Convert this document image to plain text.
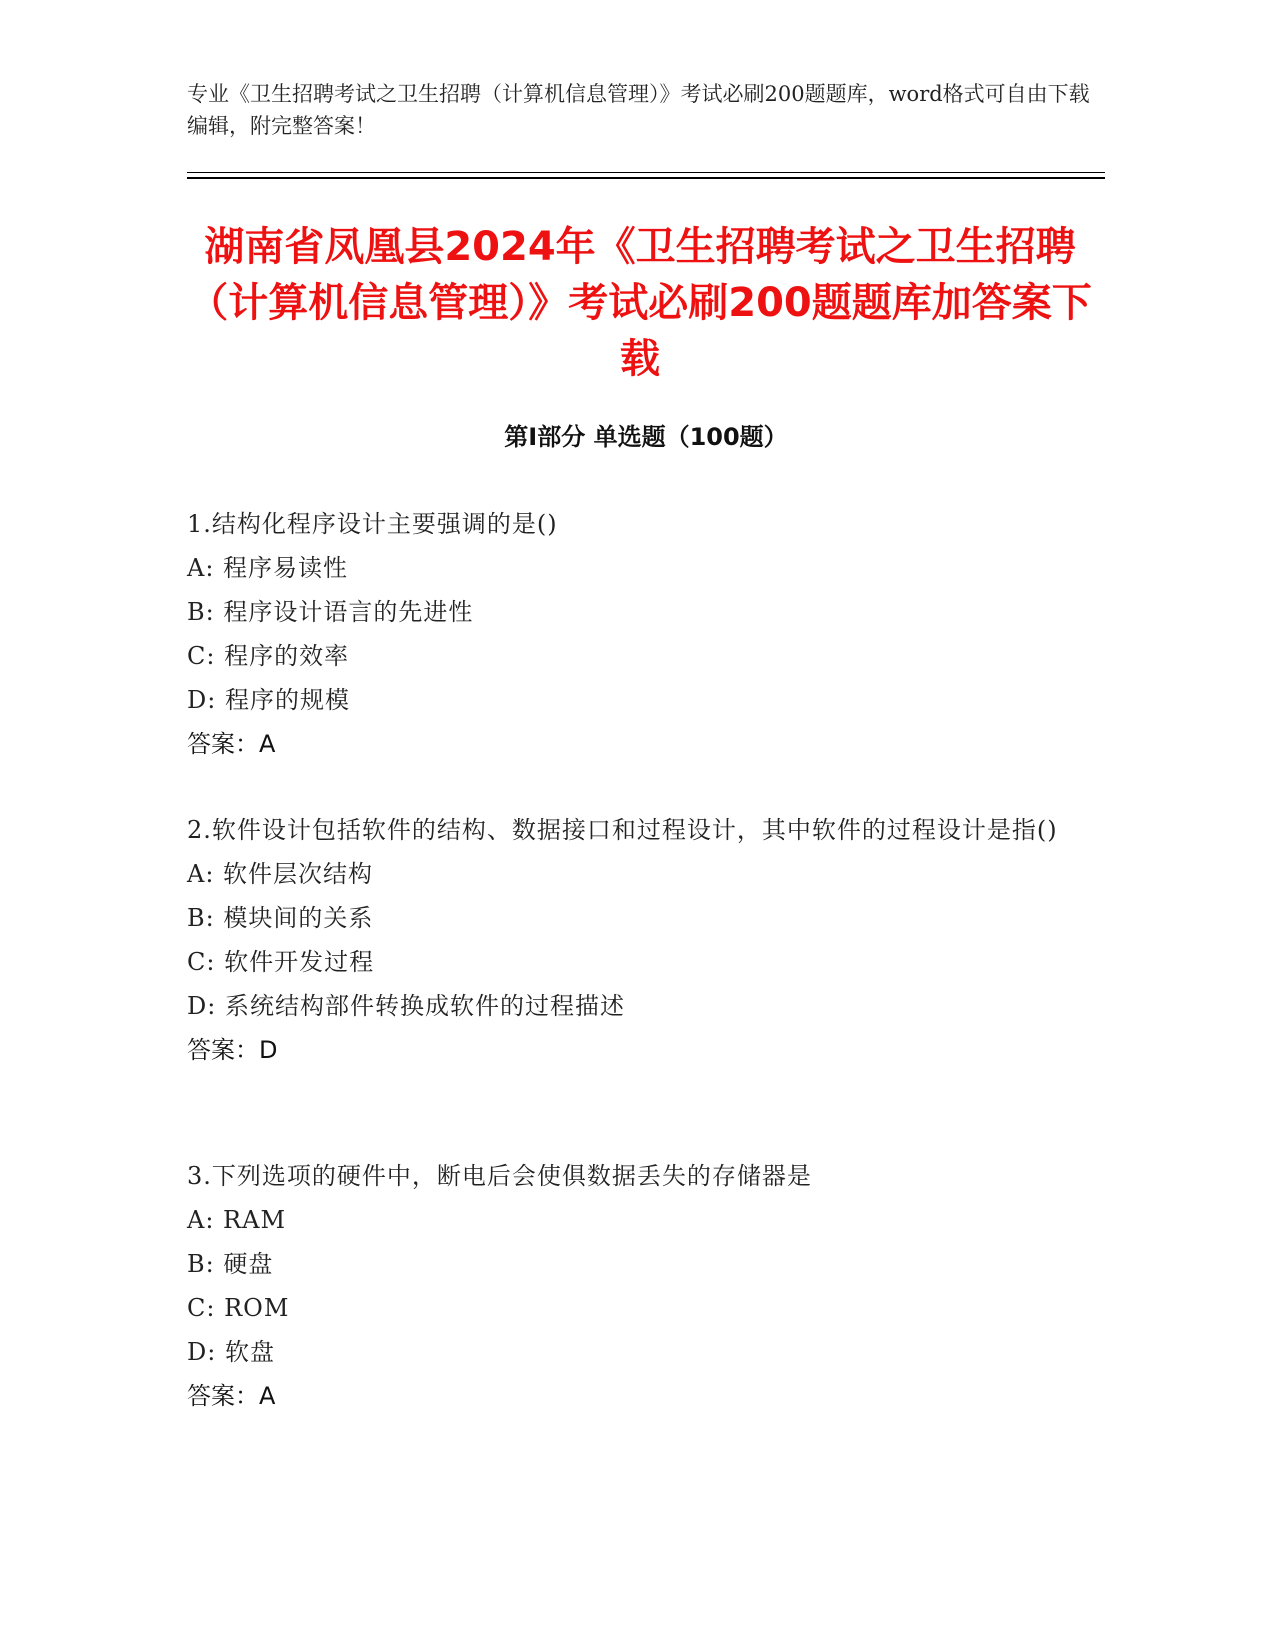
专业《卫生招聘考试之卫生招聘（计算机信息管理）》考试必刷200题题库，word格式可自由下载编辑，附完整答案！

湖南省凤凰县2024年《卫生招聘考试之卫生招聘（计算机信息管理）》考试必刷200题题库加答案下载
第I部分 单选题（100题）

1.结构化程序设计主要强调的是()

A: 程序易读性

B: 程序设计语言的先进性

C: 程序的效率

D: 程序的规模

答案：A

2.软件设计包括软件的结构、数据接口和过程设计，其中软件的过程设计是指()

A: 软件层次结构

B: 模块间的关系

C: 软件开发过程

D: 系统结构部件转换成软件的过程描述

答案：D

3.下列选项的硬件中，断电后会使俱数据丢失的存储器是

A: RAM

B: 硬盘

C: ROM

D: 软盘

答案：A
